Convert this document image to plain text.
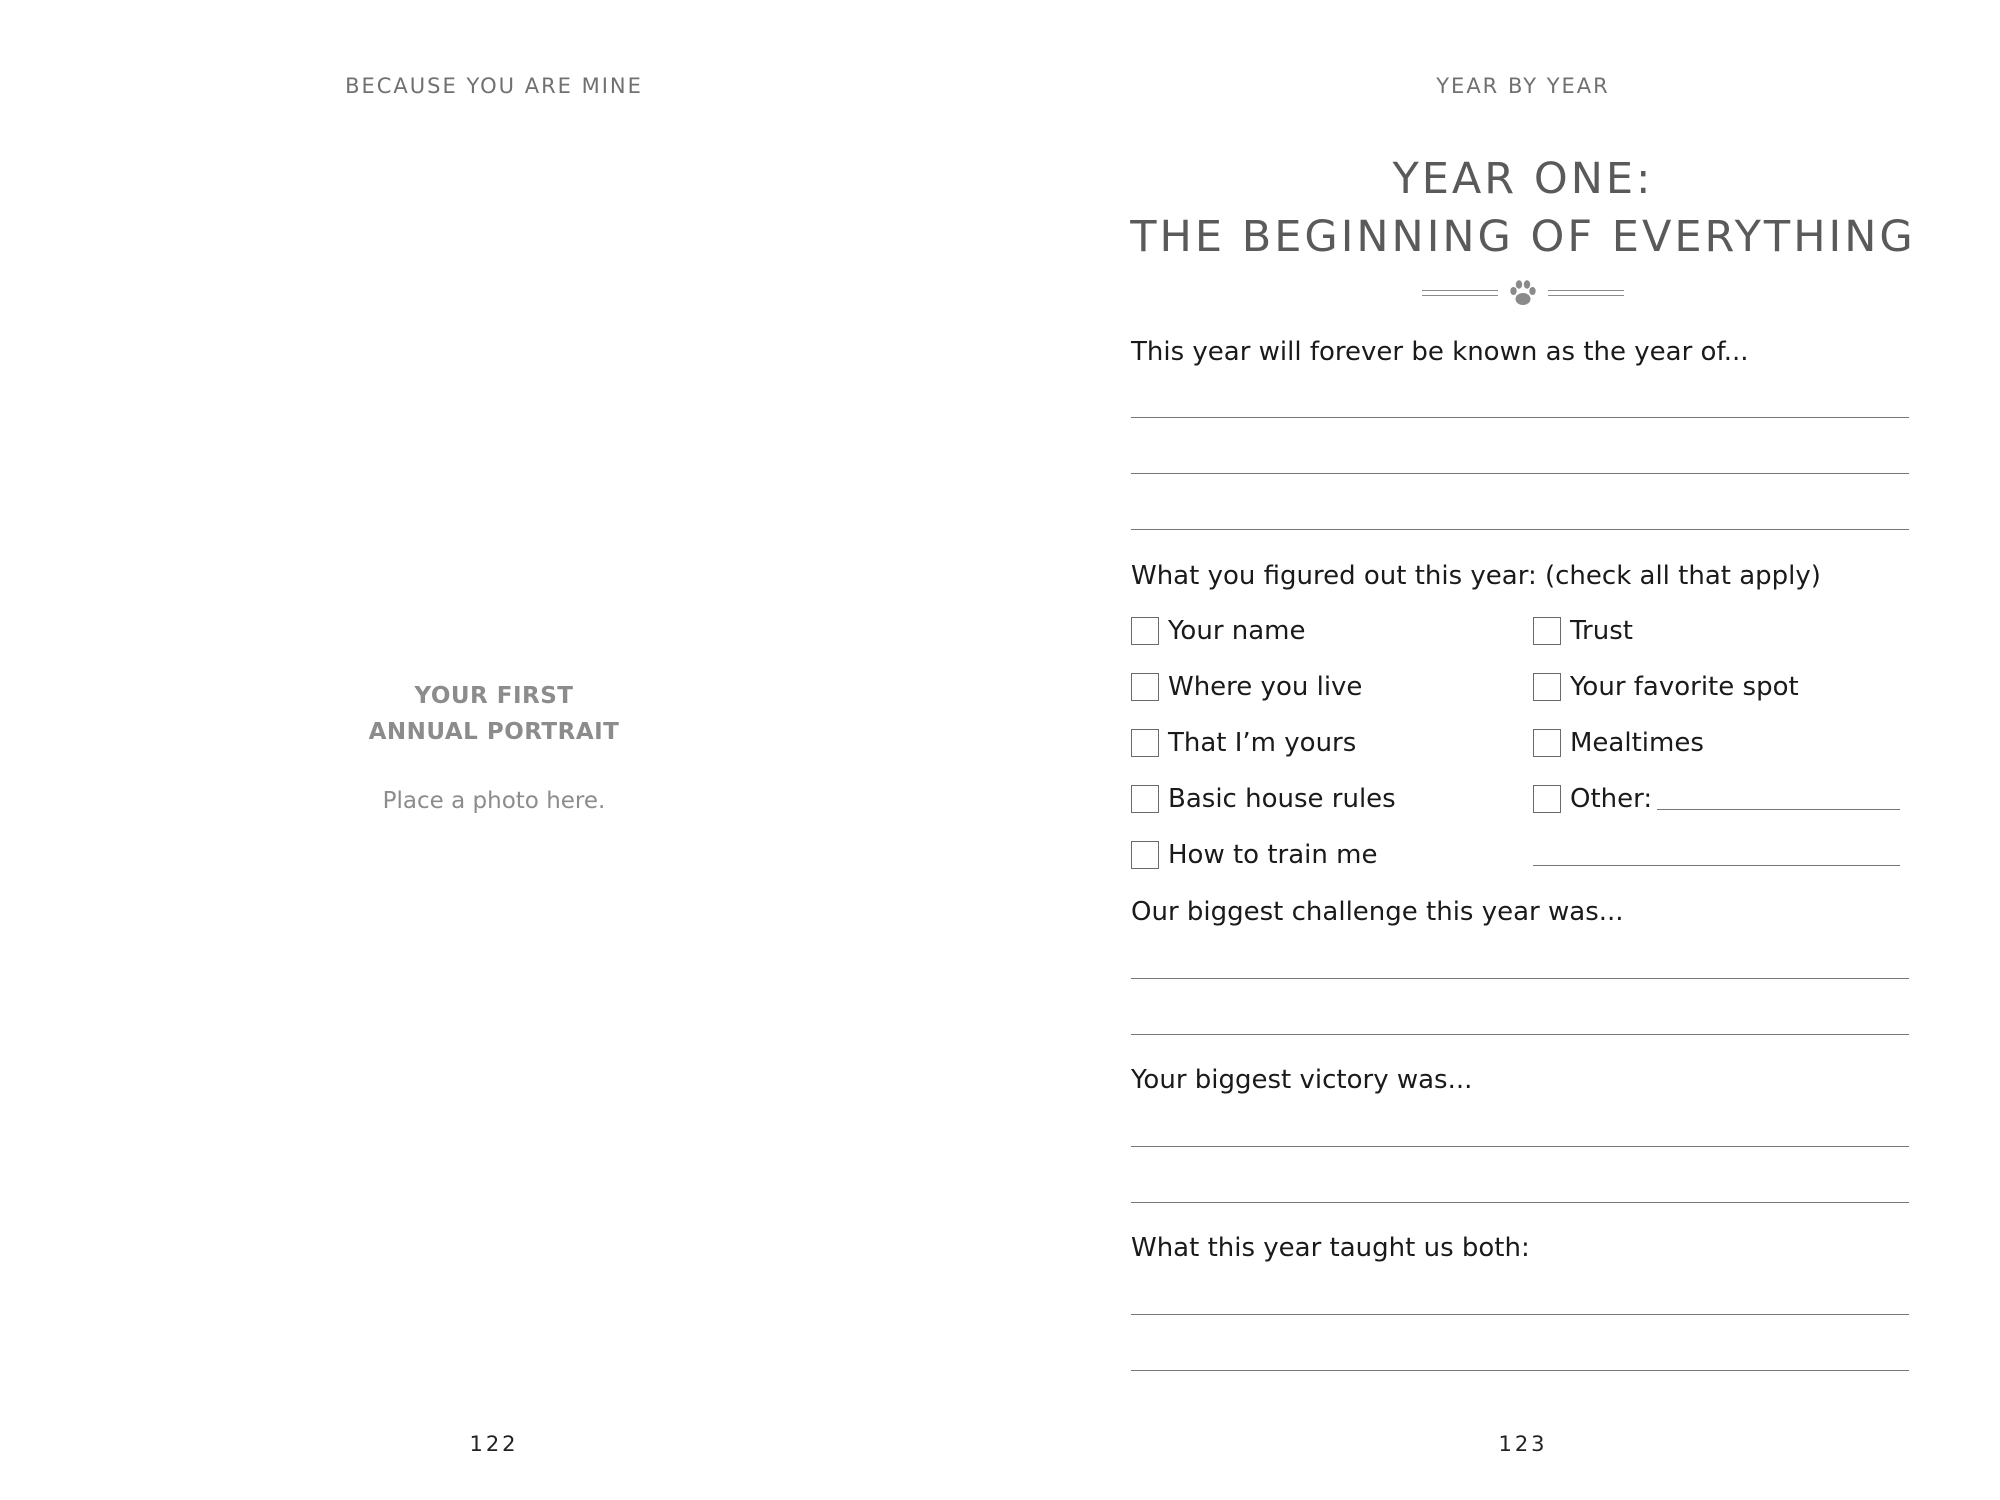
BECAUSE YOU ARE MINE
YOUR FIRST
ANNUAL PORTRAIT
Place a photo here.
122
YEAR BY YEAR
YEAR ONE:
THE BEGINNING OF EVERYTHING
This year will forever be known as the year of...
What you figured out this year: (check all that apply)
Your name
Where you live
That I’m yours
Basic house rules
How to train me
Trust
Your favorite spot
Mealtimes
Other:
Our biggest challenge this year was...
Your biggest victory was...
What this year taught us both:
123
